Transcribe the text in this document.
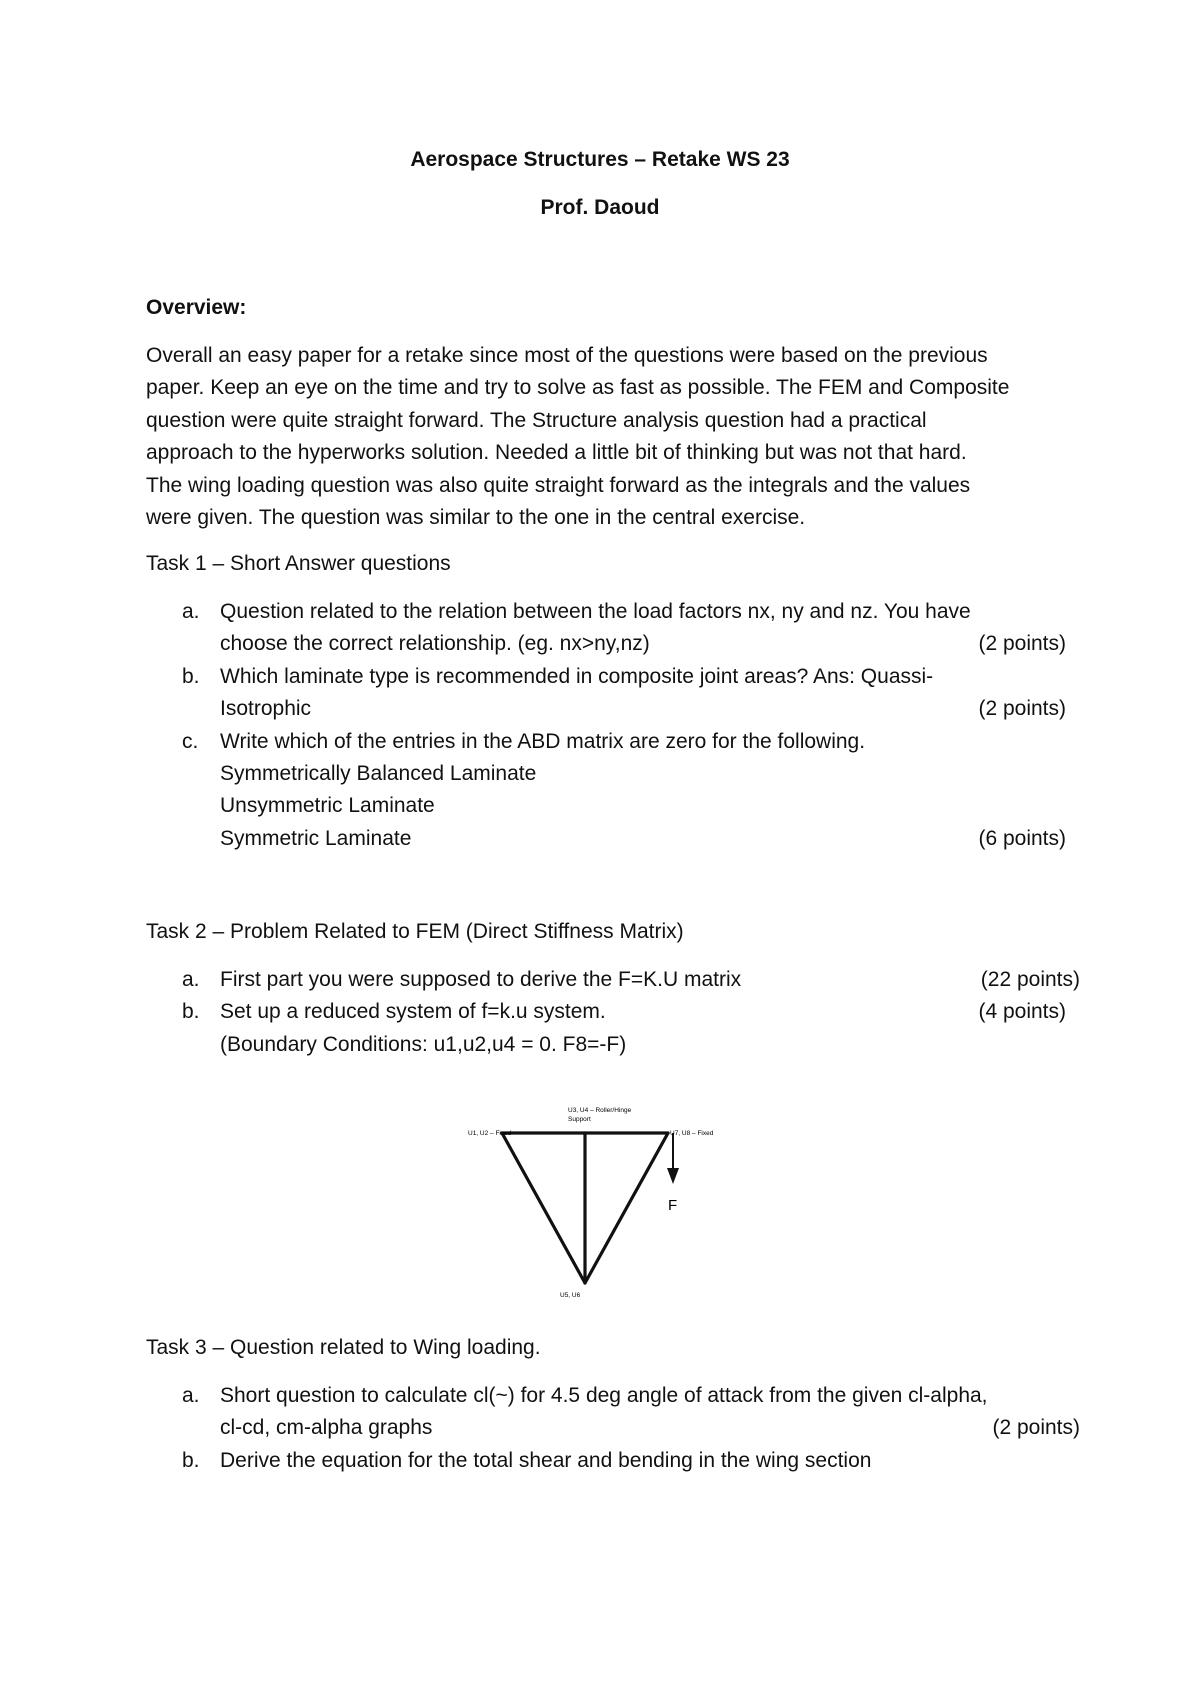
Aerospace Structures – Retake WS 23
Prof. Daoud
Overview:
Overall an easy paper for a retake since most of the questions were based on the previous
paper. Keep an eye on the time and try to solve as fast as possible. The FEM and Composite
question were quite straight forward. The Structure analysis question had a practical
approach to the hyperworks solution. Needed a little bit of thinking but was not that hard.
The wing loading question was also quite straight forward as the integrals and the values
were given. The question was similar to the one in the central exercise.
Task 1 – Short Answer questions
a. Question related to the relation between the load factors nx, ny and nz. You have
choose the correct relationship. (eg. nx>ny,nz)	(2 points)
b. Which laminate type is recommended in composite joint areas? Ans: Quassi-
Isotrophic	(2 points)
c. Write which of the entries in the ABD matrix are zero for the following.
Symmetrically Balanced Laminate
Unsymmetric Laminate
Symmetric Laminate	(6 points)
Task 2 – Problem Related to FEM (Direct Stiffness Matrix)
a. First part you were supposed to derive the F=K.U matrix	(22 points)
b. Set up a reduced system of f=k.u system.	(4 points)
(Boundary Conditions: u1,u2,u4 = 0. F8=-F)
U3, U4 – Roller/Hinge
Support
U1, U2 – Fixed	U7, U8 – Fixed
U5, U6
F
Task 3 – Question related to Wing loading.
a. Short question to calculate cl(~) for 4.5 deg angle of attack from the given cl-alpha,
cl-cd, cm-alpha graphs	(2 points)
b. Derive the equation for the total shear and bending in the wing section
